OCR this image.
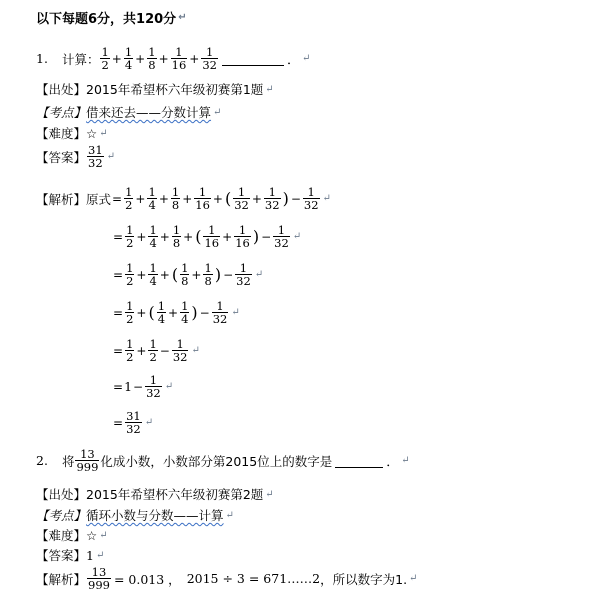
以下每题6分，共120分 ↵
1. 计算： $\frac{1}{2} + \frac{1}{4} + \frac{1}{8} + \frac{1}{16} + \frac{1}{32}$	． ↵
【出处】 2015年希望杯六年级初赛第1题 ↵
【考点】 借来还去——分数计算 ↵
【难度】 ☆ ↵
【答案】 $\frac{31}{32}$ ↵
【解析】 原式 = $\frac{1}{2} + \frac{1}{4} + \frac{1}{8} + \frac{1}{16}$ + ( $\frac{1}{32} + \frac{1}{32}$ ) − $\frac{1}{32}$ ↵
= $\frac{1}{2} + \frac{1}{4} + \frac{1}{8}$ + ( $\frac{1}{16} + \frac{1}{16}$ ) − $\frac{1}{32}$ ↵
= $\frac{1}{2} + \frac{1}{4}$ + ( $\frac{1}{8} + \frac{1}{8}$ ) − $\frac{1}{32}$ ↵
= $\frac{1}{2}$ + ( $\frac{1}{4} + \frac{1}{4}$ ) − $\frac{1}{32}$ ↵
= $\frac{1}{2} + \frac{1}{2} - \frac{1}{32}$ ↵
= $1 - \frac{1}{32}$ ↵
= $\frac{31}{32}$ ↵
2. 将 $\frac{13}{999}$ 化成小数，小数部分第2015位上的数字是	． ↵
【出处】 2015年希望杯六年级初赛第2题 ↵
【考点】 循环小数与分数——计算 ↵
【难度】 ☆ ↵
【答案】 1 ↵
【解析】 $\frac{13}{999} = 0.013$ ， 2015 ÷ 3 = 671……2 ，所以数字为1. ↵
